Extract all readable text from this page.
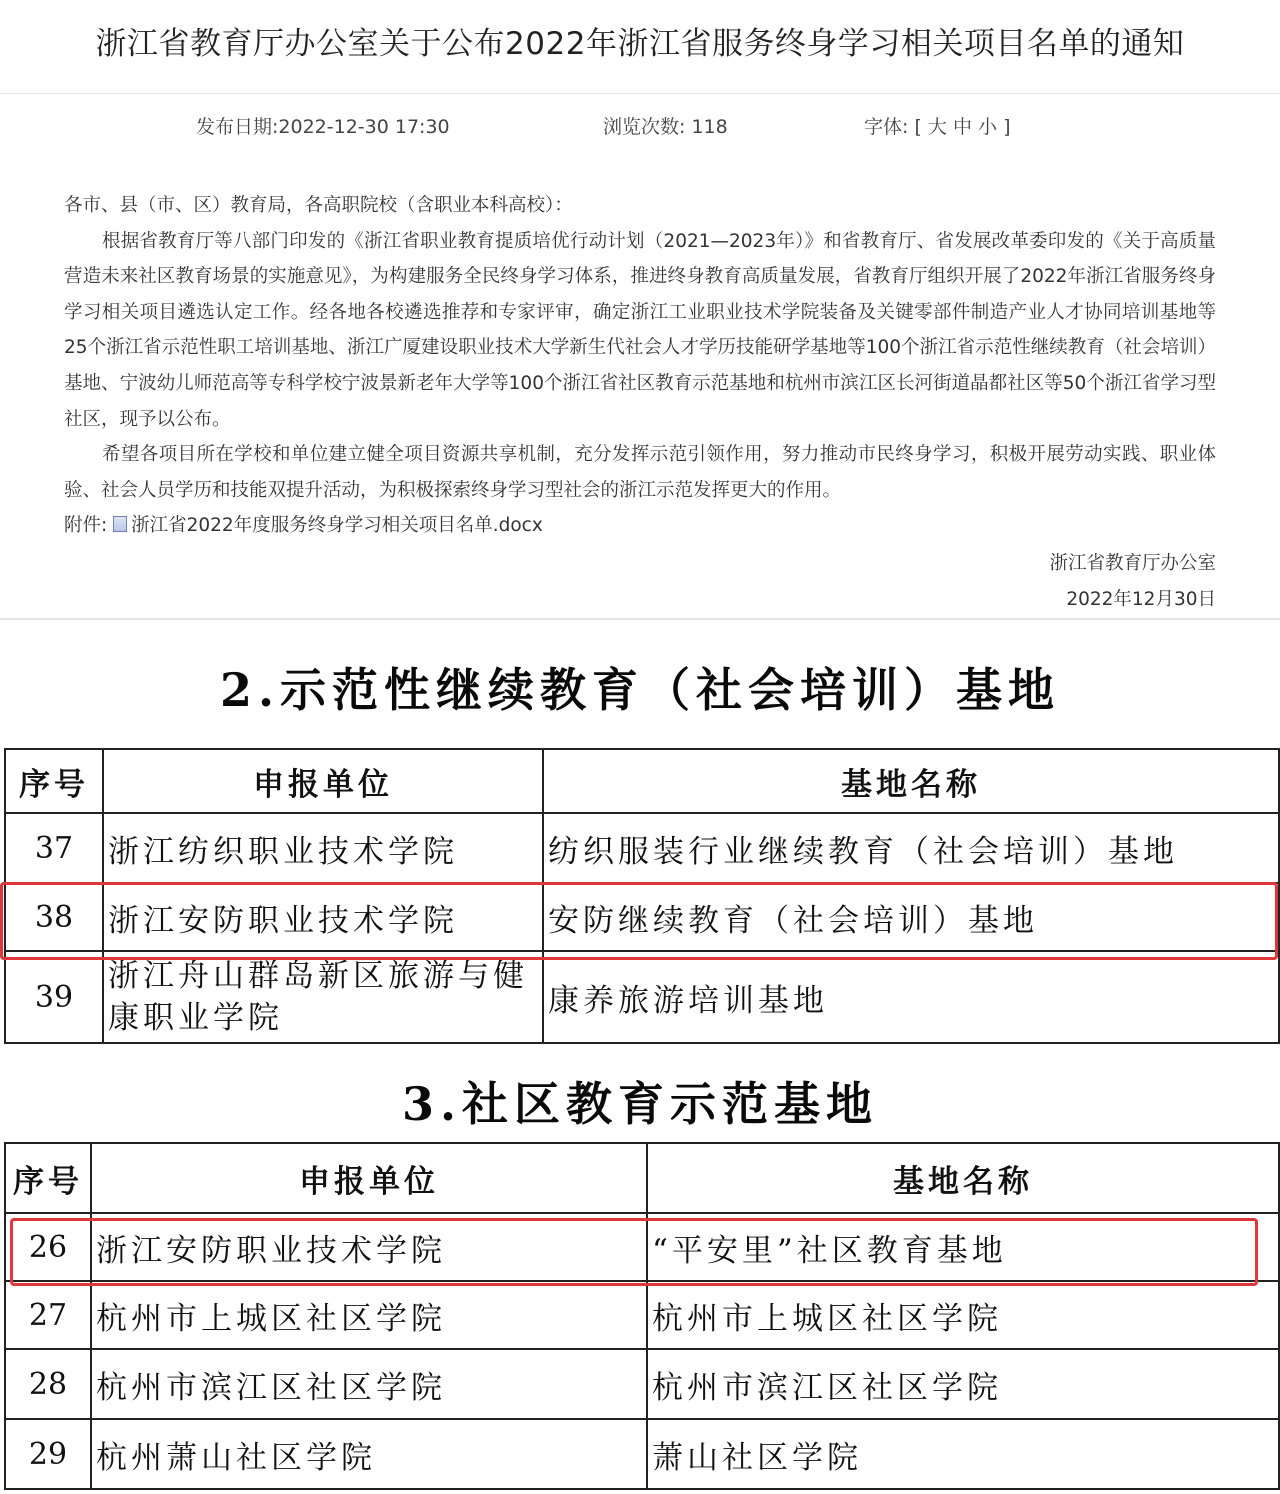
浙江省教育厅办公室关于公布2022年浙江省服务终身学习相关项目名单的通知
发布日期:2022-12-30 17:30	浏览次数: 118	字体: [ 大 中 小 ]

各市、县（市、区）教育局，各高职院校（含职业本科高校）：

根据省教育厅等八部门印发的《浙江省职业教育提质培优行动计划（2021—2023年）》和省教育厅、省发展改革委印发的《关于高质量营造未来社区教育场景的实施意见》，为构建服务全民终身学习体系，推进终身教育高质量发展，省教育厅组织开展了2022年浙江省服务终身学习相关项目遴选认定工作。经各地各校遴选推荐和专家评审，确定浙江工业职业技术学院装备及关键零部件制造产业人才协同培训基地等25个浙江省示范性职工培训基地、浙江广厦建设职业技术大学新生代社会人才学历技能研学基地等100个浙江省示范性继续教育（社会培训）基地、宁波幼儿师范高等专科学校宁波景新老年大学等100个浙江省社区教育示范基地和杭州市滨江区长河街道晶都社区等50个浙江省学习型社区，现予以公布。

希望各项目所在学校和单位建立健全项目资源共享机制，充分发挥示范引领作用，努力推动市民终身学习，积极开展劳动实践、职业体验、社会人员学历和技能双提升活动，为积极探索终身学习型社会的浙江示范发挥更大的作用。

附件: 浙江省2022年度服务终身学习相关项目名单.docx

浙江省教育厅办公室
2022年12月30日
2.示范性继续教育（社会培训）基地
序号	申报单位	基地名称
37	浙江纺织职业技术学院	纺织服装行业继续教育（社会培训）基地
38	浙江安防职业技术学院	安防继续教育（社会培训）基地
39	浙江舟山群岛新区旅游与健康职业学院	康养旅游培训基地
3.社区教育示范基地
序号	申报单位	基地名称
26	浙江安防职业技术学院	“平安里”社区教育基地
27	杭州市上城区社区学院	杭州市上城区社区学院
28	杭州市滨江区社区学院	杭州市滨江区社区学院
29	杭州萧山社区学院	萧山社区学院
